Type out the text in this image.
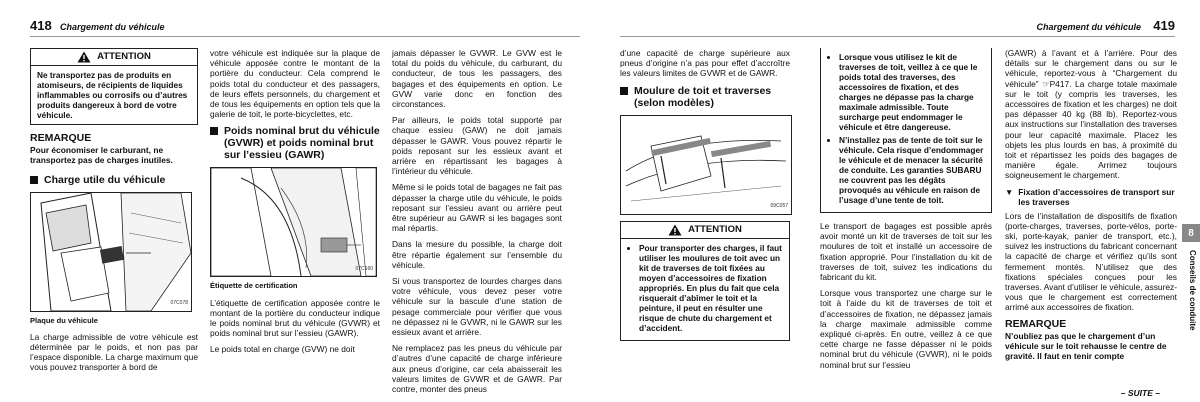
418 Chargement du véhicule
ATTENTION
Ne transportez pas de produits en atomiseurs, de récipients de liquides inflammables ou corrosifs ou d’autres produits dangereux à bord de votre véhicule.
REMARQUE
Pour économiser le carburant, ne transportez pas de charges inutiles.
Charge utile du véhicule
07C078
Plaque du véhicule

La charge admissible de votre véhicule est déterminée par le poids, et non pas par l’espace disponible. La charge maximum que vous pouvez transporter à bord de

votre véhicule est indiquée sur la plaque de véhicule apposée contre le montant de la portière du conducteur. Cela comprend le poids total du conducteur et des passagers, de leurs effets personnels, du chargement et de tous les équipements en option tels que la galerie de toit, le porte-bicyclettes, etc.

Poids nominal brut du véhicule (GVWR) et poids nominal brut sur l’essieu (GAWR)
07C160
Étiquette de certification

L’étiquette de certification apposée contre le montant de la portière du conducteur indique le poids nominal brut du véhicule (GVWR) et poids nominal brut sur l’essieu (GAWR).

Le poids total en charge (GVW) ne doit

jamais dépasser le GVWR. Le GVW est le total du poids du véhicule, du carburant, du conducteur, de tous les passagers, des bagages et des équipements en option. Le GVW varie donc en fonction des circonstances.

Par ailleurs, le poids total supporté par chaque essieu (GAW) ne doit jamais dépasser le GAWR. Vous pouvez répartir le poids reposant sur les essieux avant et arrière en répartissant les bagages à l’intérieur du véhicule.

Même si le poids total de bagages ne fait pas dépasser la charge utile du véhicule, le poids reposant sur l’essieu avant ou arrière peut être supérieur au GAWR si les bagages sont mal répartis.

Dans la mesure du possible, la charge doit être répartie également sur l’ensemble du véhicule.

Si vous transportez de lourdes charges dans votre véhicule, vous devez peser votre véhicule sur la bascule d’une station de pesage commerciale pour vérifier que vous ne dépassez ni le GVWR, ni le GAWR sur les essieux avant et arrière.

Ne remplacez pas les pneus du véhicule par d’autres d’une capacité de charge inférieure aux pneus d’origine, car cela abaisserait les valeurs limites de GVWR et de GAWR. Par contre, monter des pneus

Chargement du véhicule 419

d’une capacité de charge supérieure aux pneus d’origine n’a pas pour effet d’accroître les valeurs limites de GVWR et de GAWR.

Moulure de toit et traverses (selon modèles)
09C057
ATTENTION
• Pour transporter des charges, il faut utiliser les moulures de toit avec un kit de traverses de toit fixées au moyen d’accessoires de fixation appropriés. En plus du fait que cela risquerait d’abîmer le toit et la peinture, il peut en résulter une risque de chute du chargement et d’accident.
• Lorsque vous utilisez le kit de traverses de toit, veillez à ce que le poids total des traverses, des accessoires de fixation, et des charges ne dépasse pas la charge maximale admissible. Toute surcharge peut endommager le véhicule et être dangereuse.
• N’installez pas de tente de toit sur le véhicule. Cela risque d’endommager le véhicule et de menacer la sécurité de conduite. Les garanties SUBARU ne couvrent pas les dégâts provoqués au véhicule en raison de l’usage d’une tente de toit.

Le transport de bagages est possible après avoir monté un kit de traverses de toit sur les moulures de toit et installé un accessoire de fixation approprié. Pour l’installation du kit de traverses de toit, suivez les indications du fabricant du kit.

Lorsque vous transportez une charge sur le toit à l’aide du kit de traverses de toit et d’accessoires de fixation, ne dépassez jamais la charge maximale admissible comme expliqué ci-après. En outre, veillez à ce que cette charge ne fasse dépasser ni le poids nominal brut du véhicule (GVWR), ni le poids nominal brut sur l’essieu

(GAWR) à l’avant et à l’arrière. Pour des détails sur le chargement dans ou sur le véhicule, reportez-vous à “Chargement du véhicule” ☞P417. La charge totale maximale sur le toit (y compris les traverses, les accessoires de fixation et les charges) ne doit pas dépasser 40 kg (88 lb). Reportez-vous aux instructions sur l’installation des traverses pour leur capacité maximale. Placez les objets les plus lourds en bas, à proximité du toit et répartissez les poids des bagages de manière égale. Arrimez toujours soigneusement le chargement.

▼ Fixation d’accessoires de transport sur les traverses

Lors de l’installation de dispositifs de fixation (porte-charges, traverses, porte-vélos, porte-ski, porte-kayak, panier de transport, etc.), suivez les instructions du fabricant concernant la capacité de charge et vérifiez qu’ils sont fermement montés. N’utilisez que des fixations spéciales conçues pour les traverses. Avant d’utiliser le véhicule, assurez-vous que le chargement est correctement arrimé aux accessoires de fixation.

REMARQUE
N’oubliez pas que le chargement d’un véhicule sur le toit rehausse le centre de gravité. Il faut en tenir compte
8
Conseils de conduite
– SUITE –
